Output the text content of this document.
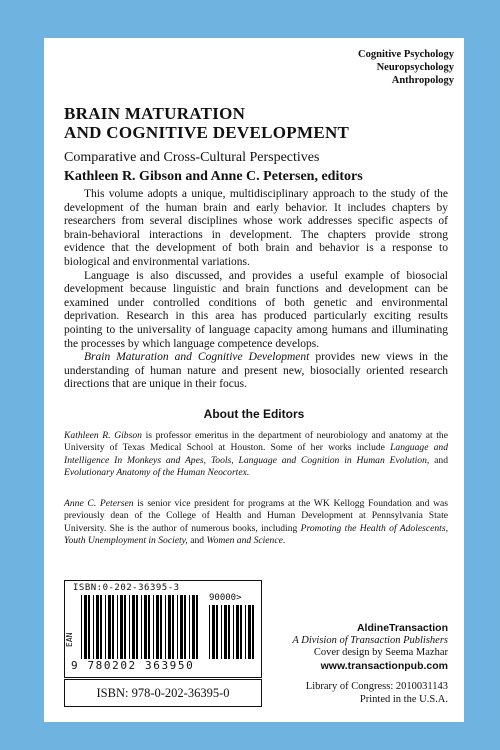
Cognitive Psychology
Neuropsychology
Anthropology
BRAIN MATURATION
AND COGNITIVE DEVELOPMENT
Comparative and Cross-Cultural Perspectives
Kathleen R. Gibson and Anne C. Petersen, editors

This volume adopts a unique, multidisciplinary approach to the study of the development of the human brain and early behavior. It includes chapters by researchers from several disciplines whose work addresses specific aspects of brain-behavioral interactions in development. The chapters provide strong evidence that the development of both brain and behavior is a response to biological and environmental variations.

Language is also discussed, and provides a useful example of biosocial development because linguistic and brain functions and development can be examined under controlled conditions of both genetic and environmental deprivation. Research in this area has produced particularly exciting results pointing to the universality of language capacity among humans and illuminating the processes by which language competence develops.

Brain Maturation and Cognitive Development provides new views in the understanding of human nature and present new, biosocially oriented research directions that are unique in their focus.

About the Editors
Kathleen R. Gibson is professor emeritus in the department of neurobiology and anatomy at the University of Texas Medical School at Houston. Some of her works include Language and Intelligence In Monkeys and Apes, Tools, Language and Cognition in Human Evolution, and Evolutionary Anatomy of the Human Neocortex.
Anne C. Petersen is senior vice president for programs at the WK Kellogg Foundation and was previously dean of the College of Health and Human Development at Pennsylvania State University. She is the author of numerous books, including Promoting the Health of Adolescents, Youth Unemployment in Society, and Women and Science.
ISBN:0-202-36395-3
EAN
90000>
9 780202 363950
ISBN: 978-0-202-36395-0
AldineTransaction
A Division of Transaction Publishers
Cover design by Seema Mazhar
www.transactionpub.com
Library of Congress: 2010031143
Printed in the U.S.A.
